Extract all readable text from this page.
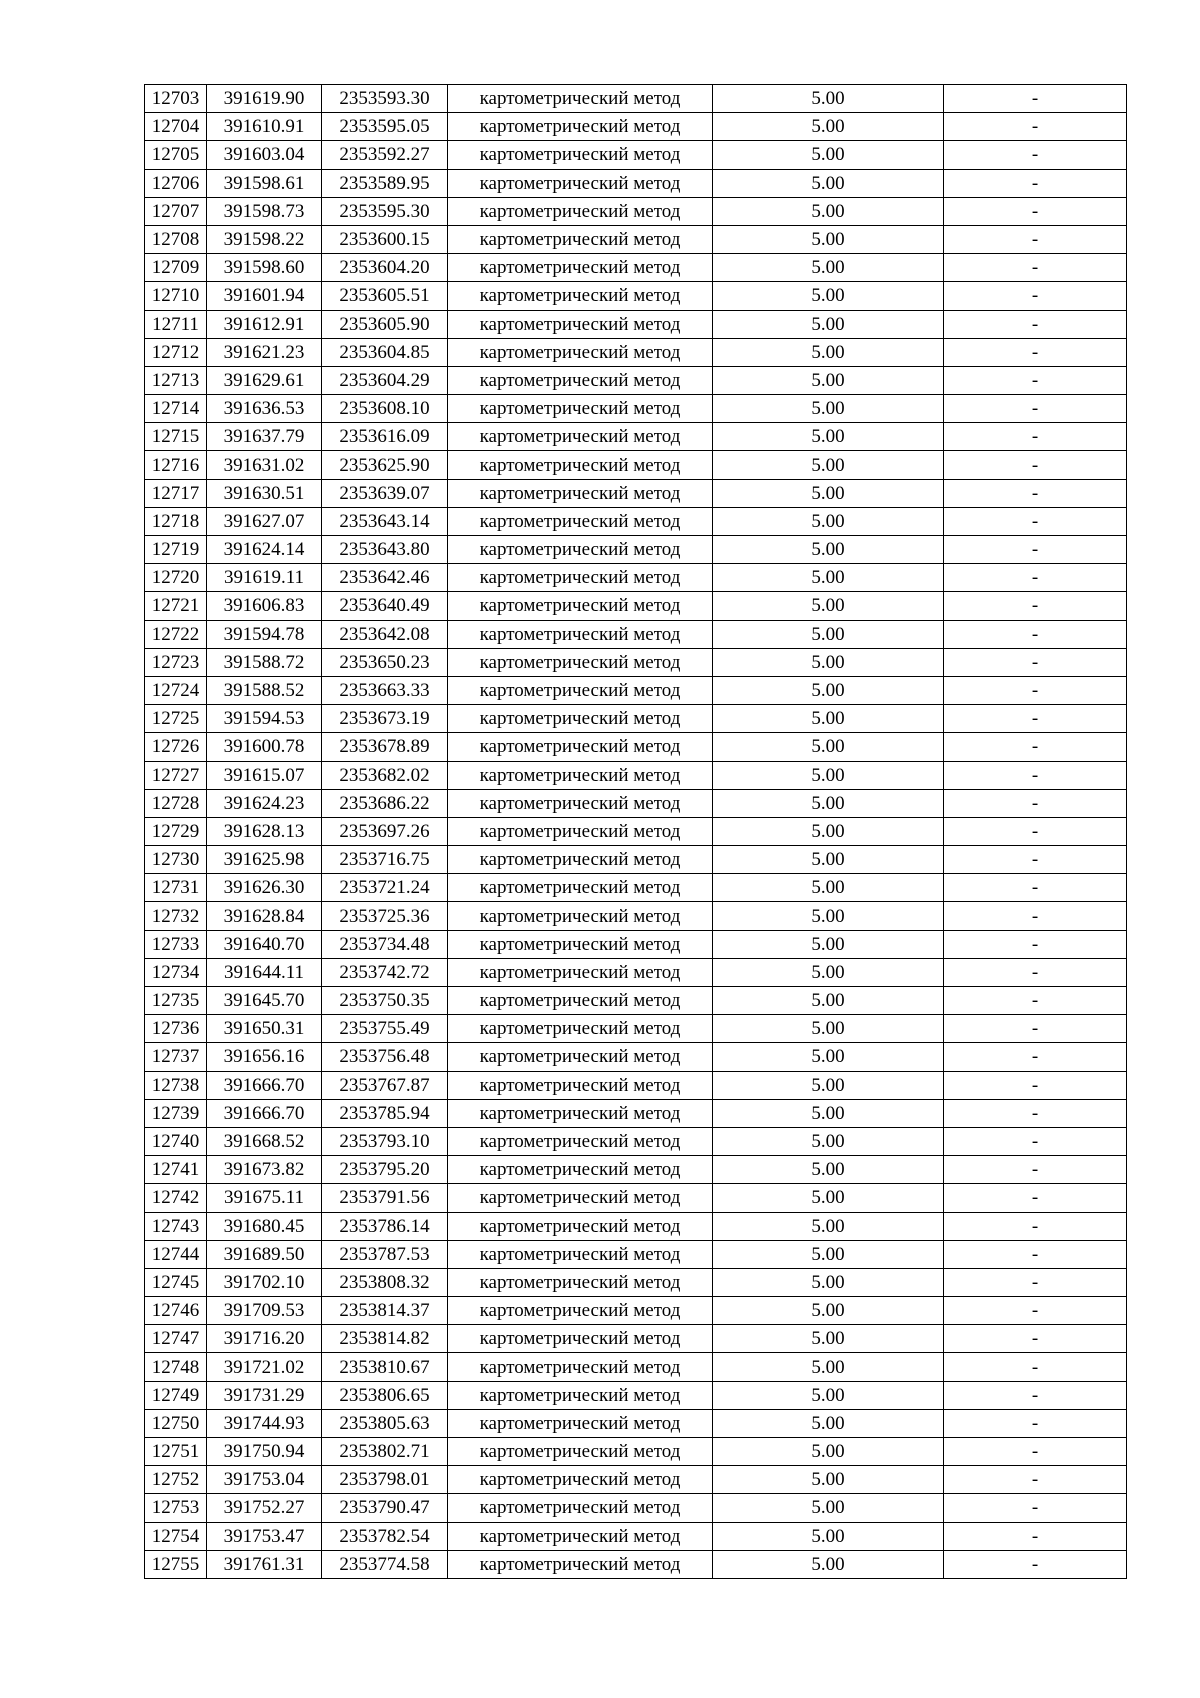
12703	391619.90	2353593.30	картометрический метод	5.00	-
12704	391610.91	2353595.05	картометрический метод	5.00	-
12705	391603.04	2353592.27	картометрический метод	5.00	-
12706	391598.61	2353589.95	картометрический метод	5.00	-
12707	391598.73	2353595.30	картометрический метод	5.00	-
12708	391598.22	2353600.15	картометрический метод	5.00	-
12709	391598.60	2353604.20	картометрический метод	5.00	-
12710	391601.94	2353605.51	картометрический метод	5.00	-
12711	391612.91	2353605.90	картометрический метод	5.00	-
12712	391621.23	2353604.85	картометрический метод	5.00	-
12713	391629.61	2353604.29	картометрический метод	5.00	-
12714	391636.53	2353608.10	картометрический метод	5.00	-
12715	391637.79	2353616.09	картометрический метод	5.00	-
12716	391631.02	2353625.90	картометрический метод	5.00	-
12717	391630.51	2353639.07	картометрический метод	5.00	-
12718	391627.07	2353643.14	картометрический метод	5.00	-
12719	391624.14	2353643.80	картометрический метод	5.00	-
12720	391619.11	2353642.46	картометрический метод	5.00	-
12721	391606.83	2353640.49	картометрический метод	5.00	-
12722	391594.78	2353642.08	картометрический метод	5.00	-
12723	391588.72	2353650.23	картометрический метод	5.00	-
12724	391588.52	2353663.33	картометрический метод	5.00	-
12725	391594.53	2353673.19	картометрический метод	5.00	-
12726	391600.78	2353678.89	картометрический метод	5.00	-
12727	391615.07	2353682.02	картометрический метод	5.00	-
12728	391624.23	2353686.22	картометрический метод	5.00	-
12729	391628.13	2353697.26	картометрический метод	5.00	-
12730	391625.98	2353716.75	картометрический метод	5.00	-
12731	391626.30	2353721.24	картометрический метод	5.00	-
12732	391628.84	2353725.36	картометрический метод	5.00	-
12733	391640.70	2353734.48	картометрический метод	5.00	-
12734	391644.11	2353742.72	картометрический метод	5.00	-
12735	391645.70	2353750.35	картометрический метод	5.00	-
12736	391650.31	2353755.49	картометрический метод	5.00	-
12737	391656.16	2353756.48	картометрический метод	5.00	-
12738	391666.70	2353767.87	картометрический метод	5.00	-
12739	391666.70	2353785.94	картометрический метод	5.00	-
12740	391668.52	2353793.10	картометрический метод	5.00	-
12741	391673.82	2353795.20	картометрический метод	5.00	-
12742	391675.11	2353791.56	картометрический метод	5.00	-
12743	391680.45	2353786.14	картометрический метод	5.00	-
12744	391689.50	2353787.53	картометрический метод	5.00	-
12745	391702.10	2353808.32	картометрический метод	5.00	-
12746	391709.53	2353814.37	картометрический метод	5.00	-
12747	391716.20	2353814.82	картометрический метод	5.00	-
12748	391721.02	2353810.67	картометрический метод	5.00	-
12749	391731.29	2353806.65	картометрический метод	5.00	-
12750	391744.93	2353805.63	картометрический метод	5.00	-
12751	391750.94	2353802.71	картометрический метод	5.00	-
12752	391753.04	2353798.01	картометрический метод	5.00	-
12753	391752.27	2353790.47	картометрический метод	5.00	-
12754	391753.47	2353782.54	картометрический метод	5.00	-
12755	391761.31	2353774.58	картометрический метод	5.00	-
